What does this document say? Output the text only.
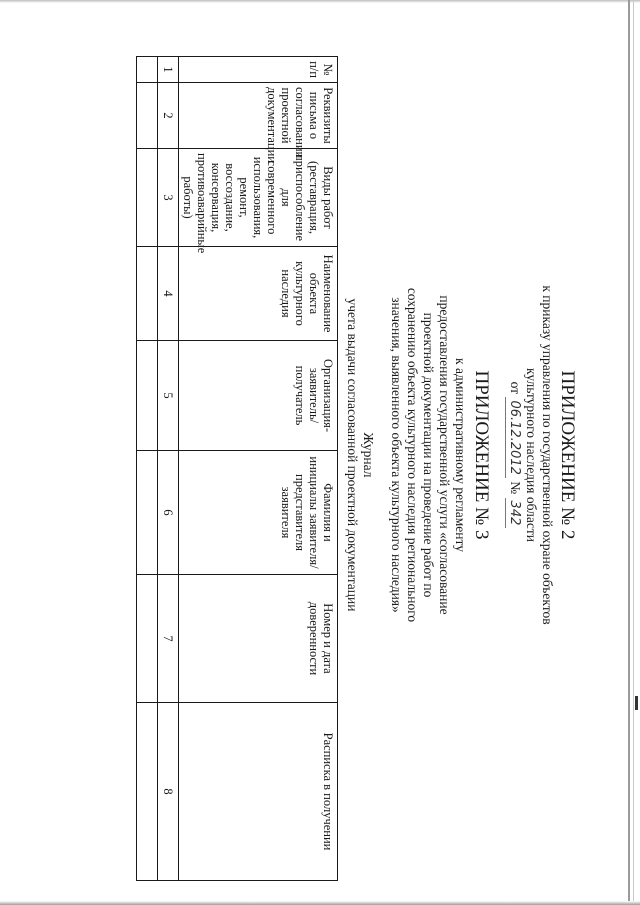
ПРИЛОЖЕНИЕ № 2
к приказу управления по государственной охране объектов
культурного наследия области
от 06.12.2012 № 342
ПРИЛОЖЕНИЕ № 3
к административному регламенту
предоставления государственной услуги «согласование
проектной документации на проведение работ по
сохранению объекта культурного наследия регионального
значения, выявленного объекта культурного наследия»
Журнал
учета выдачи согласованной проектной документации
№ п/п	Реквизиты письма о согласовании проектной документации	Виды работ (реставрация, приспособление для современного использования, ремонт, воссоздание, консервация, противоаварийные работы)	Наименование объекта культурного наследия	Организация-заявитель/ получатель	Фамилия и инициалы заявителя/ представителя заявителя	Номер и дата доверенности	Расписка в получении
1	2	3	4	5	6	7	8
